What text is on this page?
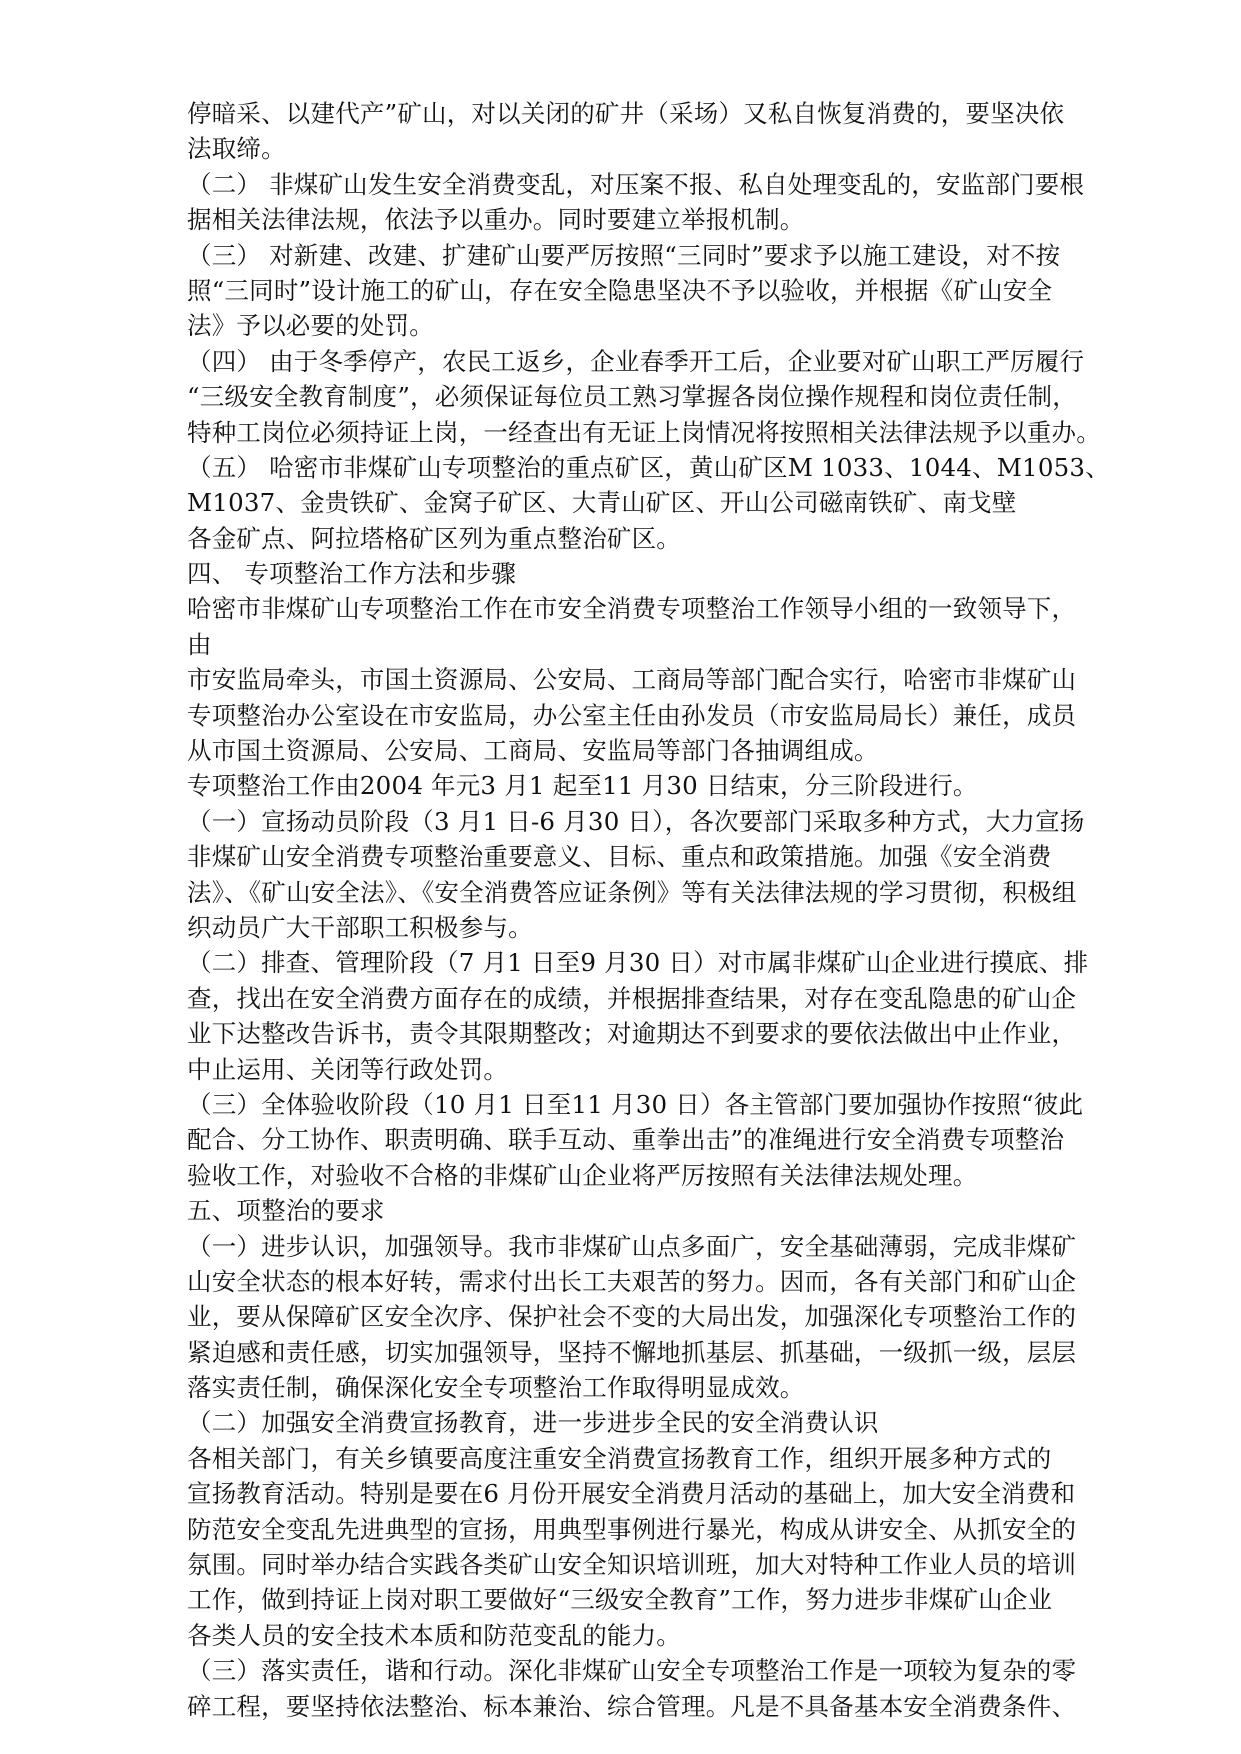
停暗采、以建代产”矿山，对以关闭的矿井（采场）又私自恢复消费的，要坚决依
法取缔。
（二） 非煤矿山发生安全消费变乱，对压案不报、私自处理变乱的，安监部门要根
据相关法律法规，依法予以重办。同时要建立举报机制。
（三） 对新建、改建、扩建矿山要严厉按照“三同时”要求予以施工建设，对不按
照“三同时”设计施工的矿山，存在安全隐患坚决不予以验收，并根据《矿山安全
法》予以必要的处罚。
（四） 由于冬季停产，农民工返乡，企业春季开工后，企业要对矿山职工严厉履行
“三级安全教育制度”，必须保证每位员工熟习掌握各岗位操作规程和岗位责任制，
特种工岗位必须持证上岗，一经查出有无证上岗情况将按照相关法律法规予以重办。
（五） 哈密市非煤矿山专项整治的重点矿区，黄山矿区M 1033、1044、M1053、
M1037、金贵铁矿、金窝子矿区、大青山矿区、开山公司磁南铁矿、南戈壁
各金矿点、阿拉塔格矿区列为重点整治矿区。
四、 专项整治工作方法和步骤
哈密市非煤矿山专项整治工作在市安全消费专项整治工作领导小组的一致领导下，
由
市安监局牵头，市国土资源局、公安局、工商局等部门配合实行，哈密市非煤矿山
专项整治办公室设在市安监局，办公室主任由孙发员（市安监局局长）兼任，成员
从市国土资源局、公安局、工商局、安监局等部门各抽调组成。
专项整治工作由2004 年元3 月1 起至11 月30 日结束，分三阶段进行。
（一）宣扬动员阶段（3 月1 日-6 月30 日），各次要部门采取多种方式，大力宣扬
非煤矿山安全消费专项整治重要意义、目标、重点和政策措施。加强《安全消费
法》、《矿山安全法》、《安全消费答应证条例》等有关法律法规的学习贯彻，积极组
织动员广大干部职工积极参与。
（二）排查、管理阶段（7 月1 日至9 月30 日）对市属非煤矿山企业进行摸底、排
查，找出在安全消费方面存在的成绩，并根据排查结果，对存在变乱隐患的矿山企
业下达整改告诉书，责令其限期整改；对逾期达不到要求的要依法做出中止作业，
中止运用、关闭等行政处罚。
（三）全体验收阶段（10 月1 日至11 月30 日）各主管部门要加强协作按照“彼此
配合、分工协作、职责明确、联手互动、重拳出击”的准绳进行安全消费专项整治
验收工作，对验收不合格的非煤矿山企业将严厉按照有关法律法规处理。
五、项整治的要求
（一）进步认识，加强领导。我市非煤矿山点多面广，安全基础薄弱，完成非煤矿
山安全状态的根本好转，需求付出长工夫艰苦的努力。因而，各有关部门和矿山企
业，要从保障矿区安全次序、保护社会不变的大局出发，加强深化专项整治工作的
紧迫感和责任感，切实加强领导，坚持不懈地抓基层、抓基础，一级抓一级，层层
落实责任制，确保深化安全专项整治工作取得明显成效。
（二）加强安全消费宣扬教育，进一步进步全民的安全消费认识
各相关部门，有关乡镇要高度注重安全消费宣扬教育工作，组织开展多种方式的
宣扬教育活动。特别是要在6 月份开展安全消费月活动的基础上，加大安全消费和
防范安全变乱先进典型的宣扬，用典型事例进行暴光，构成从讲安全、从抓安全的
氛围。同时举办结合实践各类矿山安全知识培训班，加大对特种工作业人员的培训
工作，做到持证上岗对职工要做好“三级安全教育”工作，努力进步非煤矿山企业
各类人员的安全技术本质和防范变乱的能力。
（三）落实责任，谐和行动。深化非煤矿山安全专项整治工作是一项较为复杂的零
碎工程，要坚持依法整治、标本兼治、综合管理。凡是不具备基本安全消费条件、
